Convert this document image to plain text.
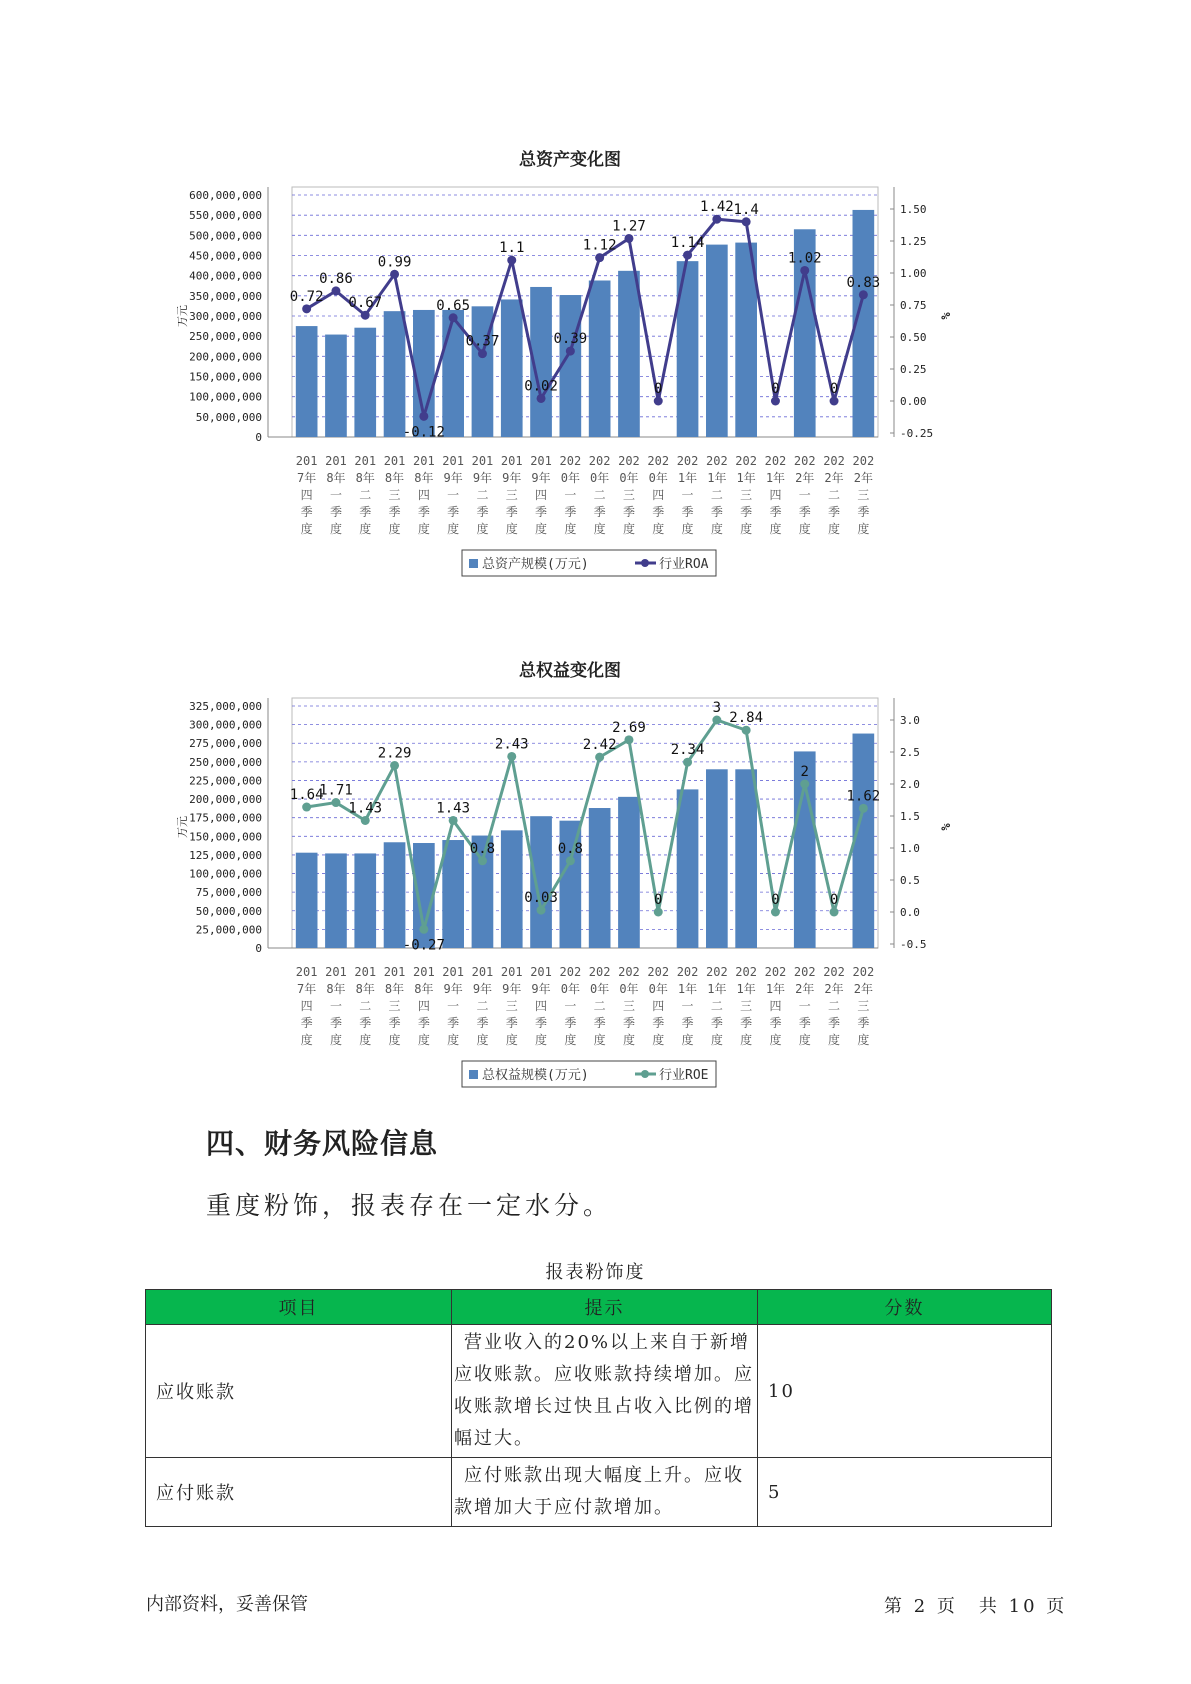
总资产变化图
600,000,000
550,000,000
500,000,000
450,000,000
400,000,000
350,000,000
300,000,000
250,000,000
200,000,000
150,000,000
100,000,000
50,000,000
0
1.50
1.25
1.00
0.75
0.50
0.25
0.00
-0.25
万元	%
0.72
0.86
0.67
0.99
-0.12
0.65
0.37
1.1
0.02
0.39
1.12
1.27
0
1.14
1.42 1.4
0
1.02
0
0.83
201
7年
四
季
度
201
8年
一
季
度
201
8年
二
季
度
201
8年
三
季
度
201
8年
四
季
度
201
9年
一
季
度
201
9年
二
季
度
201
9年
三
季
度
201
9年
四
季
度
202
0年
一
季
度
202
0年
二
季
度
202
0年
三
季
度
202
0年
四
季
度
202
1年
一
季
度
202
1年
二
季
度
202
1年
三
季
度
202
1年
四
季
度
202
2年
一
季
度
202
2年
二
季
度
202
2年
三
季
度
总资产规模(万元)	行业ROA
总权益变化图
325,000,000
300,000,000
275,000,000
250,000,000
225,000,000
200,000,000
175,000,000
150,000,000
125,000,000
100,000,000
75,000,000
50,000,000
25,000,000
0
3.0
2.5
2.0
1.5
1.0
0.5
0.0
-0.5
万元	%
1.64
1.71
1.43
2.29
-0.27
1.43
0.8
2.43
0.03
0.8
2.42
2.69
0
2.34
3
2.84
0
2
0
1.62
201
7年
四
季
度
201
8年
一
季
度
201
8年
二
季
度
201
8年
三
季
度
201
8年
四
季
度
201
9年
一
季
度
201
9年
二
季
度
201
9年
三
季
度
201
9年
四
季
度
202
0年
一
季
度
202
0年
二
季
度
202
0年
三
季
度
202
0年
四
季
度
202
1年
一
季
度
202
1年
二
季
度
202
1年
三
季
度
202
1年
四
季
度
202
2年
一
季
度
202
2年
二
季
度
202
2年
三
季
度
总权益规模(万元)	行业ROE
四、财务风险信息
重度粉饰，报表存在一定水分。
报表粉饰度
项目	提示	分数
应收账款	营业收入的20%以上来自于新增应收账款。应收账款持续增加。应收账款增长过快且占收入比例的增幅过大。	10
应付账款	应付账款出现大幅度上升。应收款增加大于应付款增加。	5
内部资料，妥善保管	第 2 页　共 10 页
